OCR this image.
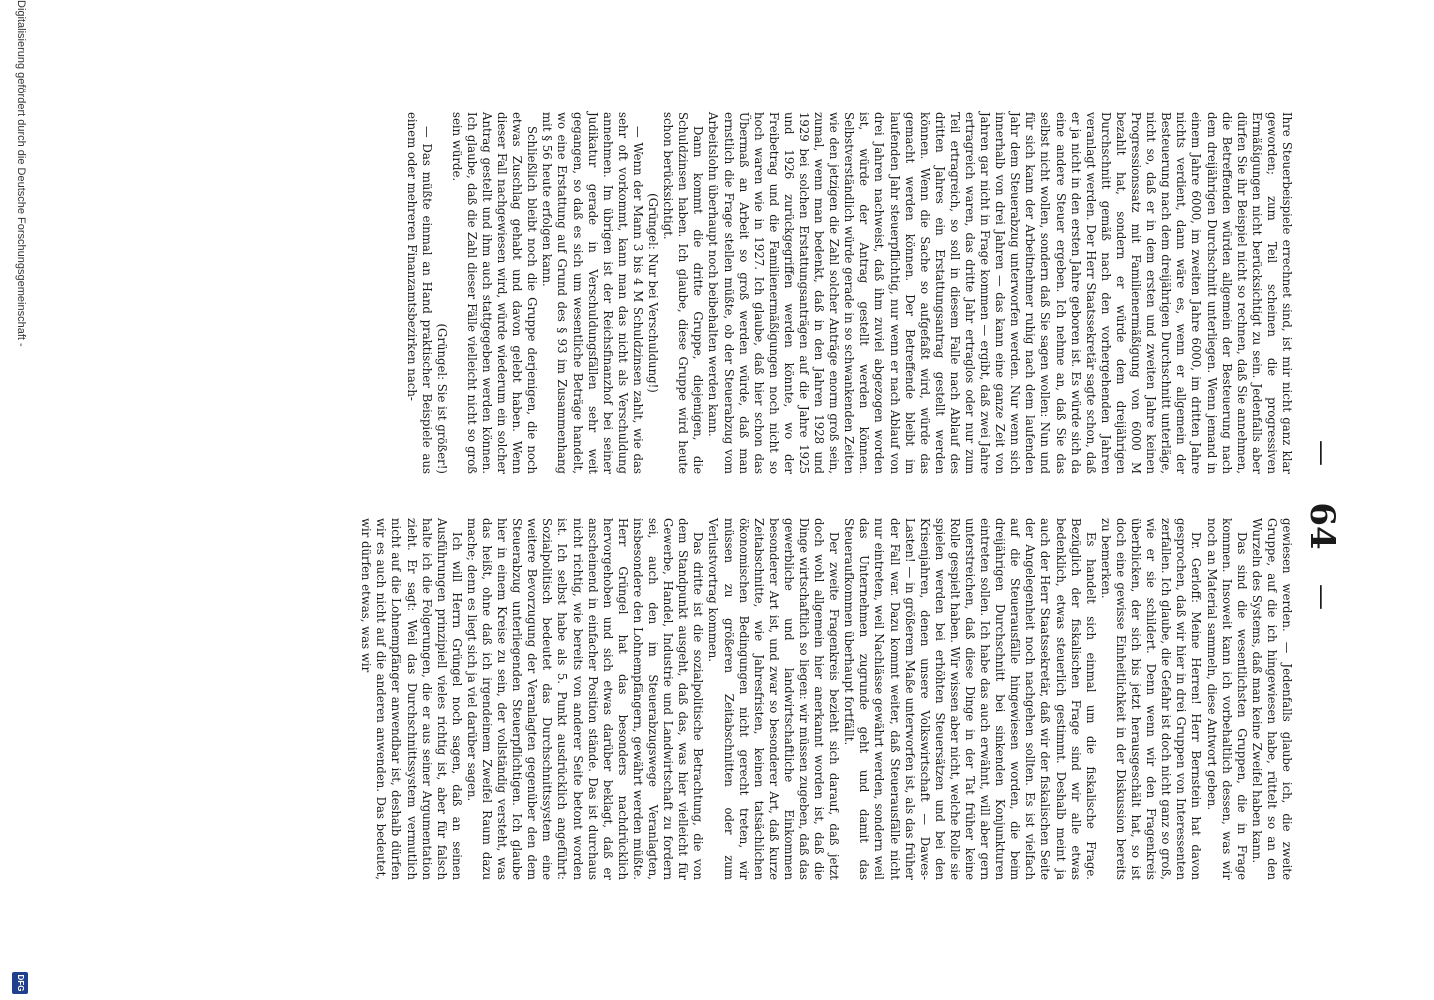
—
64
—

Ihre Steuerbeispiele errechnet sind, ist mir nicht ganz klar geworden; zum Teil scheinen die progressiven Ermäßigungen nicht berücksichtigt zu sein. Jedenfalls aber dürfen Sie ihr Beispiel nicht so rechnen, daß Sie annehmen, die Betreffenden würden allgemein der Besteuerung nach dem dreijährigen Durchschnitt unterliegen. Wenn jemand in einem Jahre 6000, im zweiten Jahre 6000, im dritten Jahre nichts verdient, dann wäre es, wenn er allgemein der Besteuerung nach dem dreijährigen Durchschnitt unterläge, nicht so, daß er in dem ersten und zweiten Jahre keinen Progressionssatz mit Familienermäßigung von 6000 M bezahlt hat, sondern er würde dem dreijährigen Durchschnitt gemäß nach den vorhergehenden Jahren veranlagt werden. Der Herr Staatssekretär sagte schon, daß er ja nicht in den ersten Jahre geboren ist. Es würde sich da eine andere Steuer ergeben. Ich nehme an, daß Sie das selbst nicht wollen, sondern daß Sie sagen wollen: Nun und für sich kann der Arbeitnehmer ruhig nach dem laufenden Jahr dem Steuerabzug unterworfen werden. Nur wenn sich innerhalb von drei Jahren — das kann eine ganze Zeit von Jahren gar nicht in Frage kommen — ergibt, daß zwei Jahre ertragreich waren, das dritte Jahr ertraglos oder nur zum Teil ertragreich, so soll in diesem Falle nach Ablauf des dritten Jahres ein Erstattungsantrag gestellt werden können. Wenn die Sache so aufgefaßt wird, würde das gemacht werden können. Der Betreffende bleibt im laufenden Jahr steuerpflichtig, nur wenn er nach Ablauf von drei Jahren nachweist, daß ihm zuviel abgezogen worden ist, würde der Antrag gestellt werden können. Selbstverständlich würde gerade in so schwankenden Zeiten wie den jetzigen die Zahl solcher Anträge enorm groß sein, zumal, wenn man bedenkt, daß in den Jahren 1928 und 1929 bei solchen Erstattungsanträgen auf die Jahre 1925 und 1926 zurückgegriffen werden könnte, wo der Freibetrag und die Familienermäßigungen noch nicht so hoch waren wie in 1927. Ich glaube, daß hier schon das Übermaß an Arbeit so groß werden würde, daß man ernstlich die Frage stellen müßte, ob der Steuerabzug vom Arbeitslohn überhaupt noch beibehalten werden kann.

Dann kommt die dritte Gruppe, diejenigen, die Schuldzinsen haben. Ich glaube, diese Gruppe wird heute schon berücksichtigt.

(Grüngel: Nur bei Verschuldung!)

— Wenn der Mann 3 bis 4 M Schuldzinsen zahlt, wie das sehr oft vorkommt, kann man das nicht als Verschuldung annehmen. Im übrigen ist der Reichsfinanzhof bei seiner Judikatur gerade in Verschuldungsfällen sehr weit gegangen, so daß es sich um wesentliche Beträge handelt, wo eine Erstattung auf Grund des § 93 im Zusammenhang mit § 56 heute erfolgen kann.

Schließlich bleibt noch die Gruppe derjenigen, die noch etwas Zuschlag gehabt und davon gelebt haben. Wenn dieser Fall nachgewiesen wird, würde wiederum ein solcher Antrag gestellt und ihm auch stattgegeben werden können. Ich glaube, daß die Zahl dieser Fälle vielleicht nicht so groß sein würde.

(Grüngel: Sie ist größer!)

— Das müßte einmal an Hand praktischer Beispiele aus einem oder mehreren Finanzamtsbezirken nach-

gewiesen werden. — Jedenfalls glaube ich, die zweite Gruppe, auf die ich hingewiesen habe, rüttelt so an den Wurzeln des Systems, daß man keine Zweifel haben kann.

Das sind die wesentlichsten Gruppen, die in Frage kommen. Insoweit kann ich vorbehaltlich dessen, was wir noch an Material sammeln, diese Antwort geben.

Dr. Gerloff: Meine Herren! Herr Bernstein hat davon gesprochen, daß wir hier in drei Gruppen von Interessenten zerfallen. Ich glaube, die Gefahr ist doch nicht ganz so groß, wie er sie schildert. Denn wenn wir den Fragenkreis überblicken, der sich bis jetzt herausgeschält hat, so ist doch eine gewisse Einheitlichkeit in der Diskussion bereits zu bemerken.

Es handelt sich einmal um die fiskalische Frage. Bezüglich der fiskalischen Frage sind wir alle etwas bedenklich, etwas steuerlich gestimmt. Deshalb meint ja auch der Herr Staatssekretär, daß wir der fiskalischen Seite der Angelegenheit noch nachgehen sollten. Es ist vielfach auf die Steuerausfälle hingewiesen worden, die beim dreijährigen Durchschnitt bei sinkenden Konjunkturen eintreten sollen. Ich habe das auch erwähnt, will aber gern unterstreichen, daß diese Dinge in der Tat früher keine Rolle gespielt haben. Wir wissen aber nicht, welche Rolle sie spielen werden bei erhöhten Steuersätzen und bei den Krisenjahren, denen unsere Volkswirtschaft — Dawes-Lasten! — in größerem Maße unterworfen ist, als das früher der Fall war. Dazu kommt weiter, daß Steuerausfälle nicht nur eintreten, weil Nachlässe gewährt werden, sondern weil das Unternehmen zugrunde geht und damit das Steueraufkommen überhaupt fortfällt.

Der zweite Fragenkreis bezieht sich darauf, daß jetzt doch wohl allgemein hier anerkannt worden ist, daß die Dinge wirtschaftlich so liegen: wir müssen zugeben, daß das gewerbliche und landwirtschaftliche Einkommen besonderer Art ist, und zwar so besonderer Art, daß kurze Zeitabschnitte, wie Jahresfristen, keinen tatsächlichen ökonomischen Bedingungen nicht gerecht treten, wir müssen zu größeren Zeitabschnitten oder zum Verlustvortrag kommen.

Das dritte ist die sozialpolitische Betrachtung, die von dem Standpunkt ausgeht, daß das, was hier vielleicht für Gewerbe, Handel, Industrie und Landwirtschaft zu fordern sei, auch den im Steuerabzugswege Veranlagten, insbesondere den Lohnempfängern, gewährt werden müßte. Herr Grüngel hat das besonders nachdrücklich hervorgehoben und sich etwas darüber beklagt, daß er anscheinend in einfacher Position stände. Das ist durchaus nicht richtig, wie bereits von anderer Seite betont worden ist. Ich selbst habe als 5. Punkt ausdrücklich angeführt: Sozialpolitisch bedeutet das Durchschnittssystem eine weitere Bevorzugung der Veranlagten gegenüber den dem Steuerabzug unterliegenden Steuerpflichtigen. Ich glaube hier in einem Kreise zu sein, der vollständig versteht, was das heißt, ohne daß ich irgendeinem Zweifel Raum dazu mache; denn es liegt sich ja viel darüber sagen.

Ich will Herrn Grüngel noch sagen, daß an seinen Ausführungen prinzipiell vieles richtig ist, aber für falsch halte ich die Folgerungen, die er aus seiner Argumentation zieht. Er sagt: Weil das Durchschnittssystem vermutlich nicht auf die Lohnempfänger anwendbar ist, deshalb dürfen wir es auch nicht auf die anderen anwenden. Das bedeutet, wir dürfen etwas, was wir

Digitalisierung gefördert durch die Deutsche Forschungsgemeinschaft -
DFG
